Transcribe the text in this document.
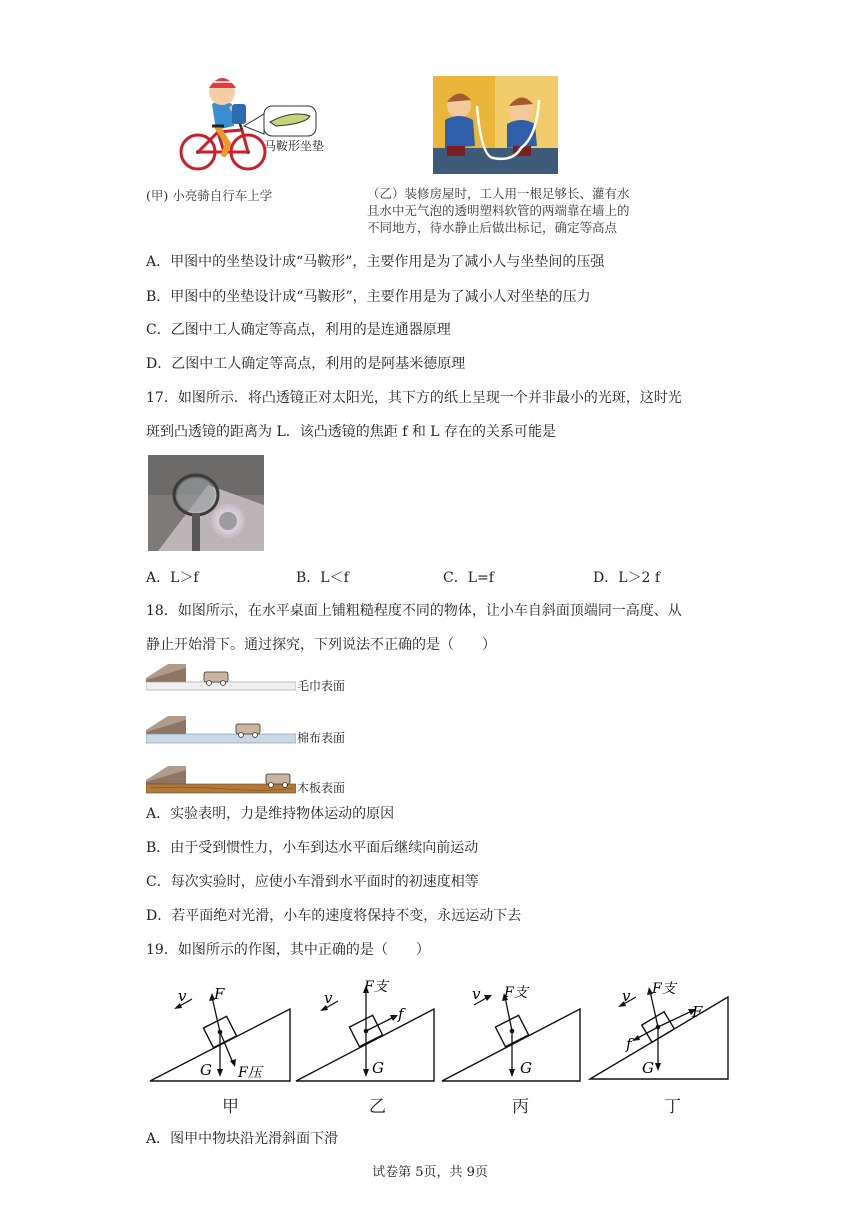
马鞍形坐垫
(甲) 小亮骑自行车上学	（乙）装修房屋时，工人用一根足够长、灌有水
且水中无气泡的透明塑料软管的两端靠在墙上的
不同地方，待水静止后做出标记，确定等高点
A．甲图中的坐垫设计成“马鞍形”，主要作用是为了减小人与坐垫间的压强
B．甲图中的坐垫设计成“马鞍形”，主要作用是为了减小人对坐垫的压力
C．乙图中工人确定等高点，利用的是连通器原理
D．乙图中工人确定等高点，利用的是阿基米德原理
17．如图所示．将凸透镜正对太阳光，其下方的纸上呈现一个并非最小的光斑，这时光
斑到凸透镜的距离为 L．该凸透镜的焦距 f 和 L 存在的关系可能是
A．L＞f	B．L＜f	C．L=f	D．L＞2 f
18．如图所示，在水平桌面上铺粗糙程度不同的物体，让小车自斜面顶端同一高度、从
静止开始滑下。通过探究，下列说法不正确的是（　　）
毛巾表面
棉布表面
木板表面
A．实验表明，力是维持物体运动的原因
B．由于受到惯性力，小车到达水平面后继续向前运动
C．每次实验时，应使小车滑到水平面时的初速度相等
D．若平面绝对光滑，小车的速度将保持不变，永远运动下去
19．如图所示的作图，其中正确的是（　　）
v F
G F压
v
F支
f
G
v F支
G
v F支
F
f
G
甲	乙	丙	丁
A．图甲中物块沿光滑斜面下滑
试卷第 5页，共 9页
